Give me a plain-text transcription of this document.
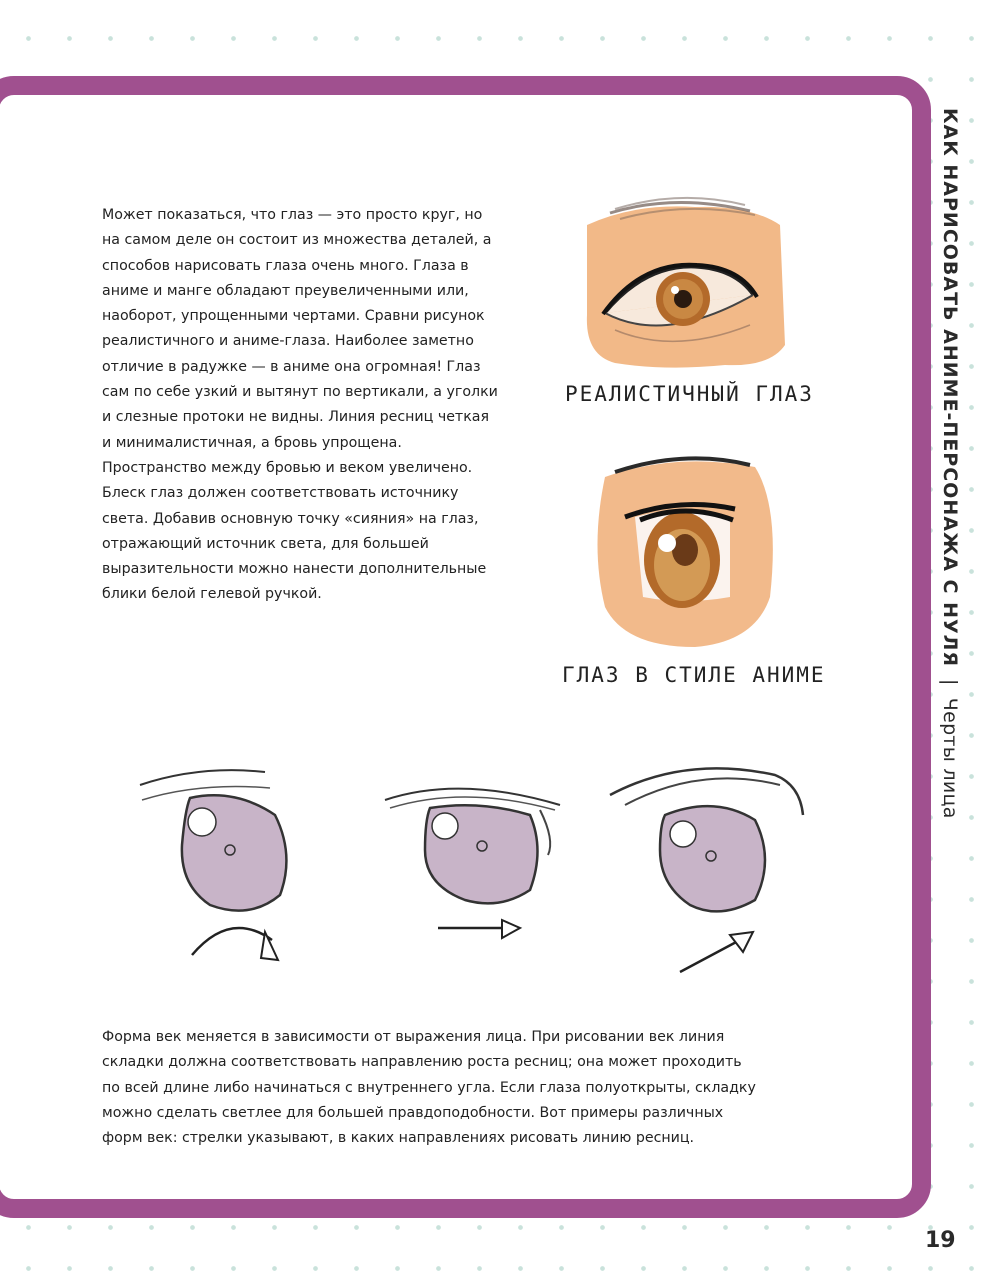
КАК НАРИСОВАТЬ АНИМЕ-ПЕРСОНАЖА С НУЛЯ|Черты лица
19

Может показаться, что глаз — это просто круг, но на самом деле он состоит из множества деталей, а способов нарисовать глаза очень много. Глаза в аниме и манге обладают преувеличенными или, наоборот, упрощенными чертами. Сравни рисунок реалистичного и аниме-глаза. Наиболее заметно отличие в радужке — в аниме она огромная! Глаз сам по себе узкий и вытянут по вертикали, а уголки и слезные протоки не видны. Линия ресниц четкая и минималистичная, а бровь упрощена. Пространство между бровью и веком увеличено. Блеск глаз должен соответствовать источнику света. Добавив основную точку «сияния» на глаз, отражающий источник света, для большей выразительности можно нанести дополнительные блики белой гелевой ручкой.

РЕАЛИСТИЧНЫЙ ГЛАЗ
ГЛАЗ В СТИЛЕ АНИМЕ

Форма век меняется в зависимости от выражения лица. При рисовании век линия складки должна соответствовать направлению роста ресниц; она может проходить по всей длине либо начинаться с внутреннего угла. Если глаза полуоткрыты, складку можно сделать светлее для большей правдоподобности. Вот примеры различных форм век: стрелки указывают, в каких направлениях рисовать линию ресниц.
